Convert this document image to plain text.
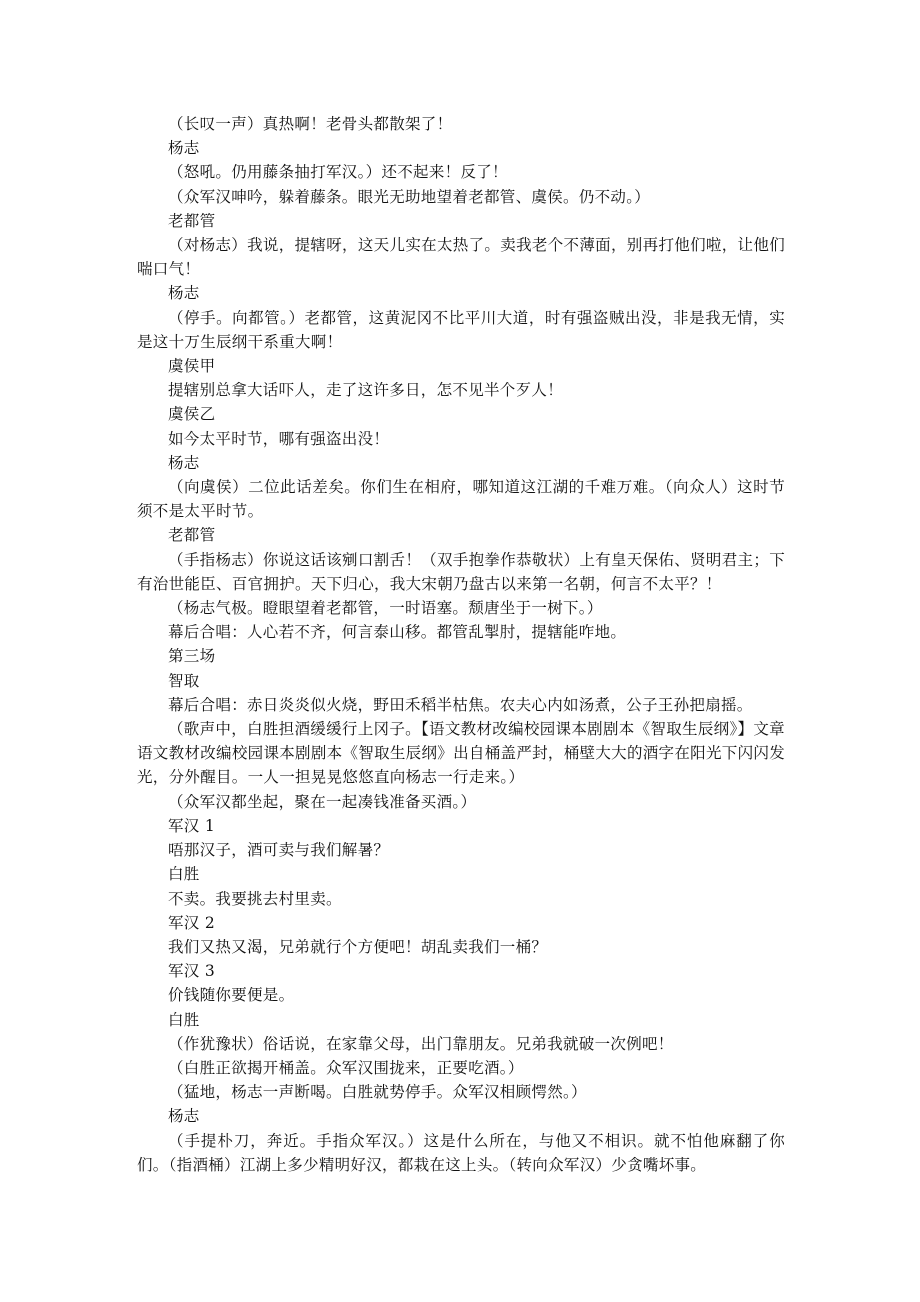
（长叹一声）真热啊！老骨头都散架了！

杨志

（怒吼。仍用藤条抽打军汉。）还不起来！反了！

（众军汉呻吟，躲着藤条。眼光无助地望着老都管、虞侯。仍不动。）

老都管

（对杨志）我说，提辖呀，这天儿实在太热了。卖我老个不薄面，别再打他们啦，让他们喘口气！

杨志

（停手。向都管。）老都管，这黄泥冈不比平川大道，时有强盗贼出没，非是我无情，实是这十万生辰纲干系重大啊！

虞侯甲

提辖别总拿大话吓人，走了这许多日，怎不见半个歹人！

虞侯乙

如今太平时节，哪有强盗出没！

杨志

（向虞侯）二位此话差矣。你们生在相府，哪知道这江湖的千难万难。（向众人）这时节须不是太平时节。

老都管

（手指杨志）你说这话该剜口割舌！（双手抱拳作恭敬状）上有皇天保佑、贤明君主；下有治世能臣、百官拥护。天下归心，我大宋朝乃盘古以来第一名朝，何言不太平？！

（杨志气极。瞪眼望着老都管，一时语塞。颓唐坐于一树下。）

幕后合唱：人心若不齐，何言泰山移。都管乱掣肘，提辖能咋地。

第三场

智取

幕后合唱：赤日炎炎似火烧，野田禾稻半枯焦。农夫心内如汤煮，公子王孙把扇摇。

（歌声中，白胜担酒缓缓行上冈子。【语文教材改编校园课本剧剧本《智取生辰纲》】文章语文教材改编校园课本剧剧本《智取生辰纲》出自桶盖严封，桶壁大大的酒字在阳光下闪闪发光，分外醒目。一人一担晃晃悠悠直向杨志一行走来。）

（众军汉都坐起，聚在一起凑钱准备买酒。）

军汉 1

唔那汉子，酒可卖与我们解暑？

白胜

不卖。我要挑去村里卖。

军汉 2

我们又热又渴，兄弟就行个方便吧！胡乱卖我们一桶？

军汉 3

价钱随你要便是。

白胜

（作犹豫状）俗话说，在家靠父母，出门靠朋友。兄弟我就破一次例吧！

（白胜正欲揭开桶盖。众军汉围拢来，正要吃酒。）

（猛地，杨志一声断喝。白胜就势停手。众军汉相顾愕然。）

杨志

（手提朴刀，奔近。手指众军汉。）这是什么所在，与他又不相识。就不怕他麻翻了你们。（指酒桶）江湖上多少精明好汉，都栽在这上头。（转向众军汉）少贪嘴坏事。
